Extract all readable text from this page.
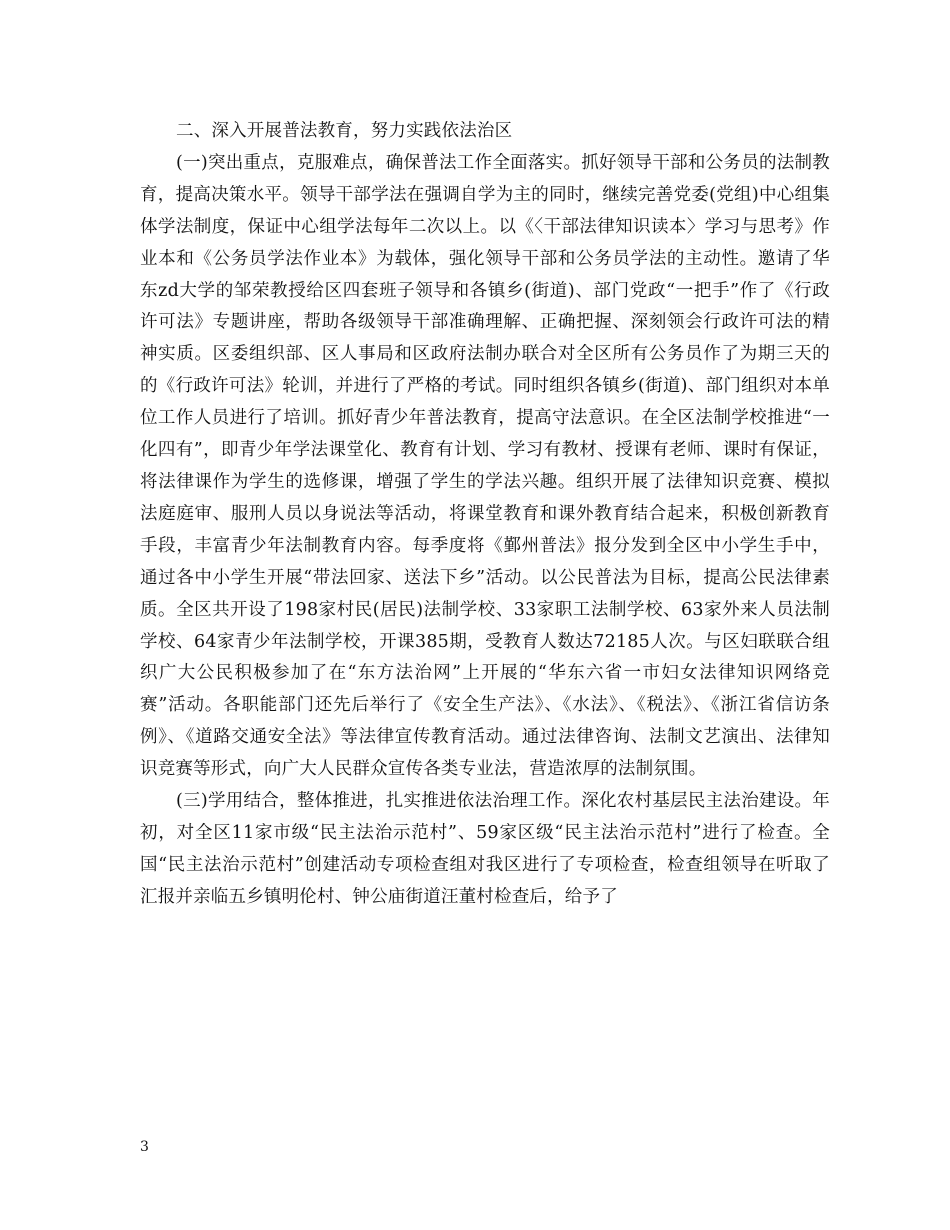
二、深入开展普法教育，努力实践依法治区

(一)突出重点，克服难点，确保普法工作全面落实。抓好领导干部和公务员的法制教育，提高决策水平。领导干部学法在强调自学为主的同时，继续完善党委(党组)中心组集体学法制度，保证中心组学法每年二次以上。以《〈干部法律知识读本〉学习与思考》作业本和《公务员学法作业本》为载体，强化领导干部和公务员学法的主动性。邀请了华东zd大学的邹荣教授给区四套班子领导和各镇乡(街道)、部门党政“一把手”作了《行政许可法》专题讲座，帮助各级领导干部准确理解、正确把握、深刻领会行政许可法的精神实质。区委组织部、区人事局和区政府法制办联合对全区所有公务员作了为期三天的的《行政许可法》轮训，并进行了严格的考试。同时组织各镇乡(街道)、部门组织对本单位工作人员进行了培训。抓好青少年普法教育，提高守法意识。在全区法制学校推进“一化四有”，即青少年学法课堂化、教育有计划、学习有教材、授课有老师、课时有保证，将法律课作为学生的选修课，增强了学生的学法兴趣。组织开展了法律知识竞赛、模拟法庭庭审、服刑人员以身说法等活动，将课堂教育和课外教育结合起来，积极创新教育手段，丰富青少年法制教育内容。每季度将《鄞州普法》报分发到全区中小学生手中，通过各中小学生开展“带法回家、送法下乡”活动。以公民普法为目标，提高公民法律素质。全区共开设了198家村民(居民)法制学校、33家职工法制学校、63家外来人员法制学校、64家青少年法制学校，开课385期，受教育人数达72185人次。与区妇联联合组织广大公民积极参加了在“东方法治网”上开展的“华东六省一市妇女法律知识网络竞赛”活动。各职能部门还先后举行了《安全生产法》、《水法》、《税法》、《浙江省信访条例》、《道路交通安全法》等法律宣传教育活动。通过法律咨询、法制文艺演出、法律知识竞赛等形式，向广大人民群众宣传各类专业法，营造浓厚的法制氛围。

(三)学用结合，整体推进，扎实推进依法治理工作。深化农村基层民主法治建设。年初，对全区11家市级“民主法治示范村”、59家区级“民主法治示范村”进行了检查。全国“民主法治示范村”创建活动专项检查组对我区进行了专项检查，检查组领导在听取了汇报并亲临五乡镇明伦村、钟公庙街道汪董村检查后，给予了

3
